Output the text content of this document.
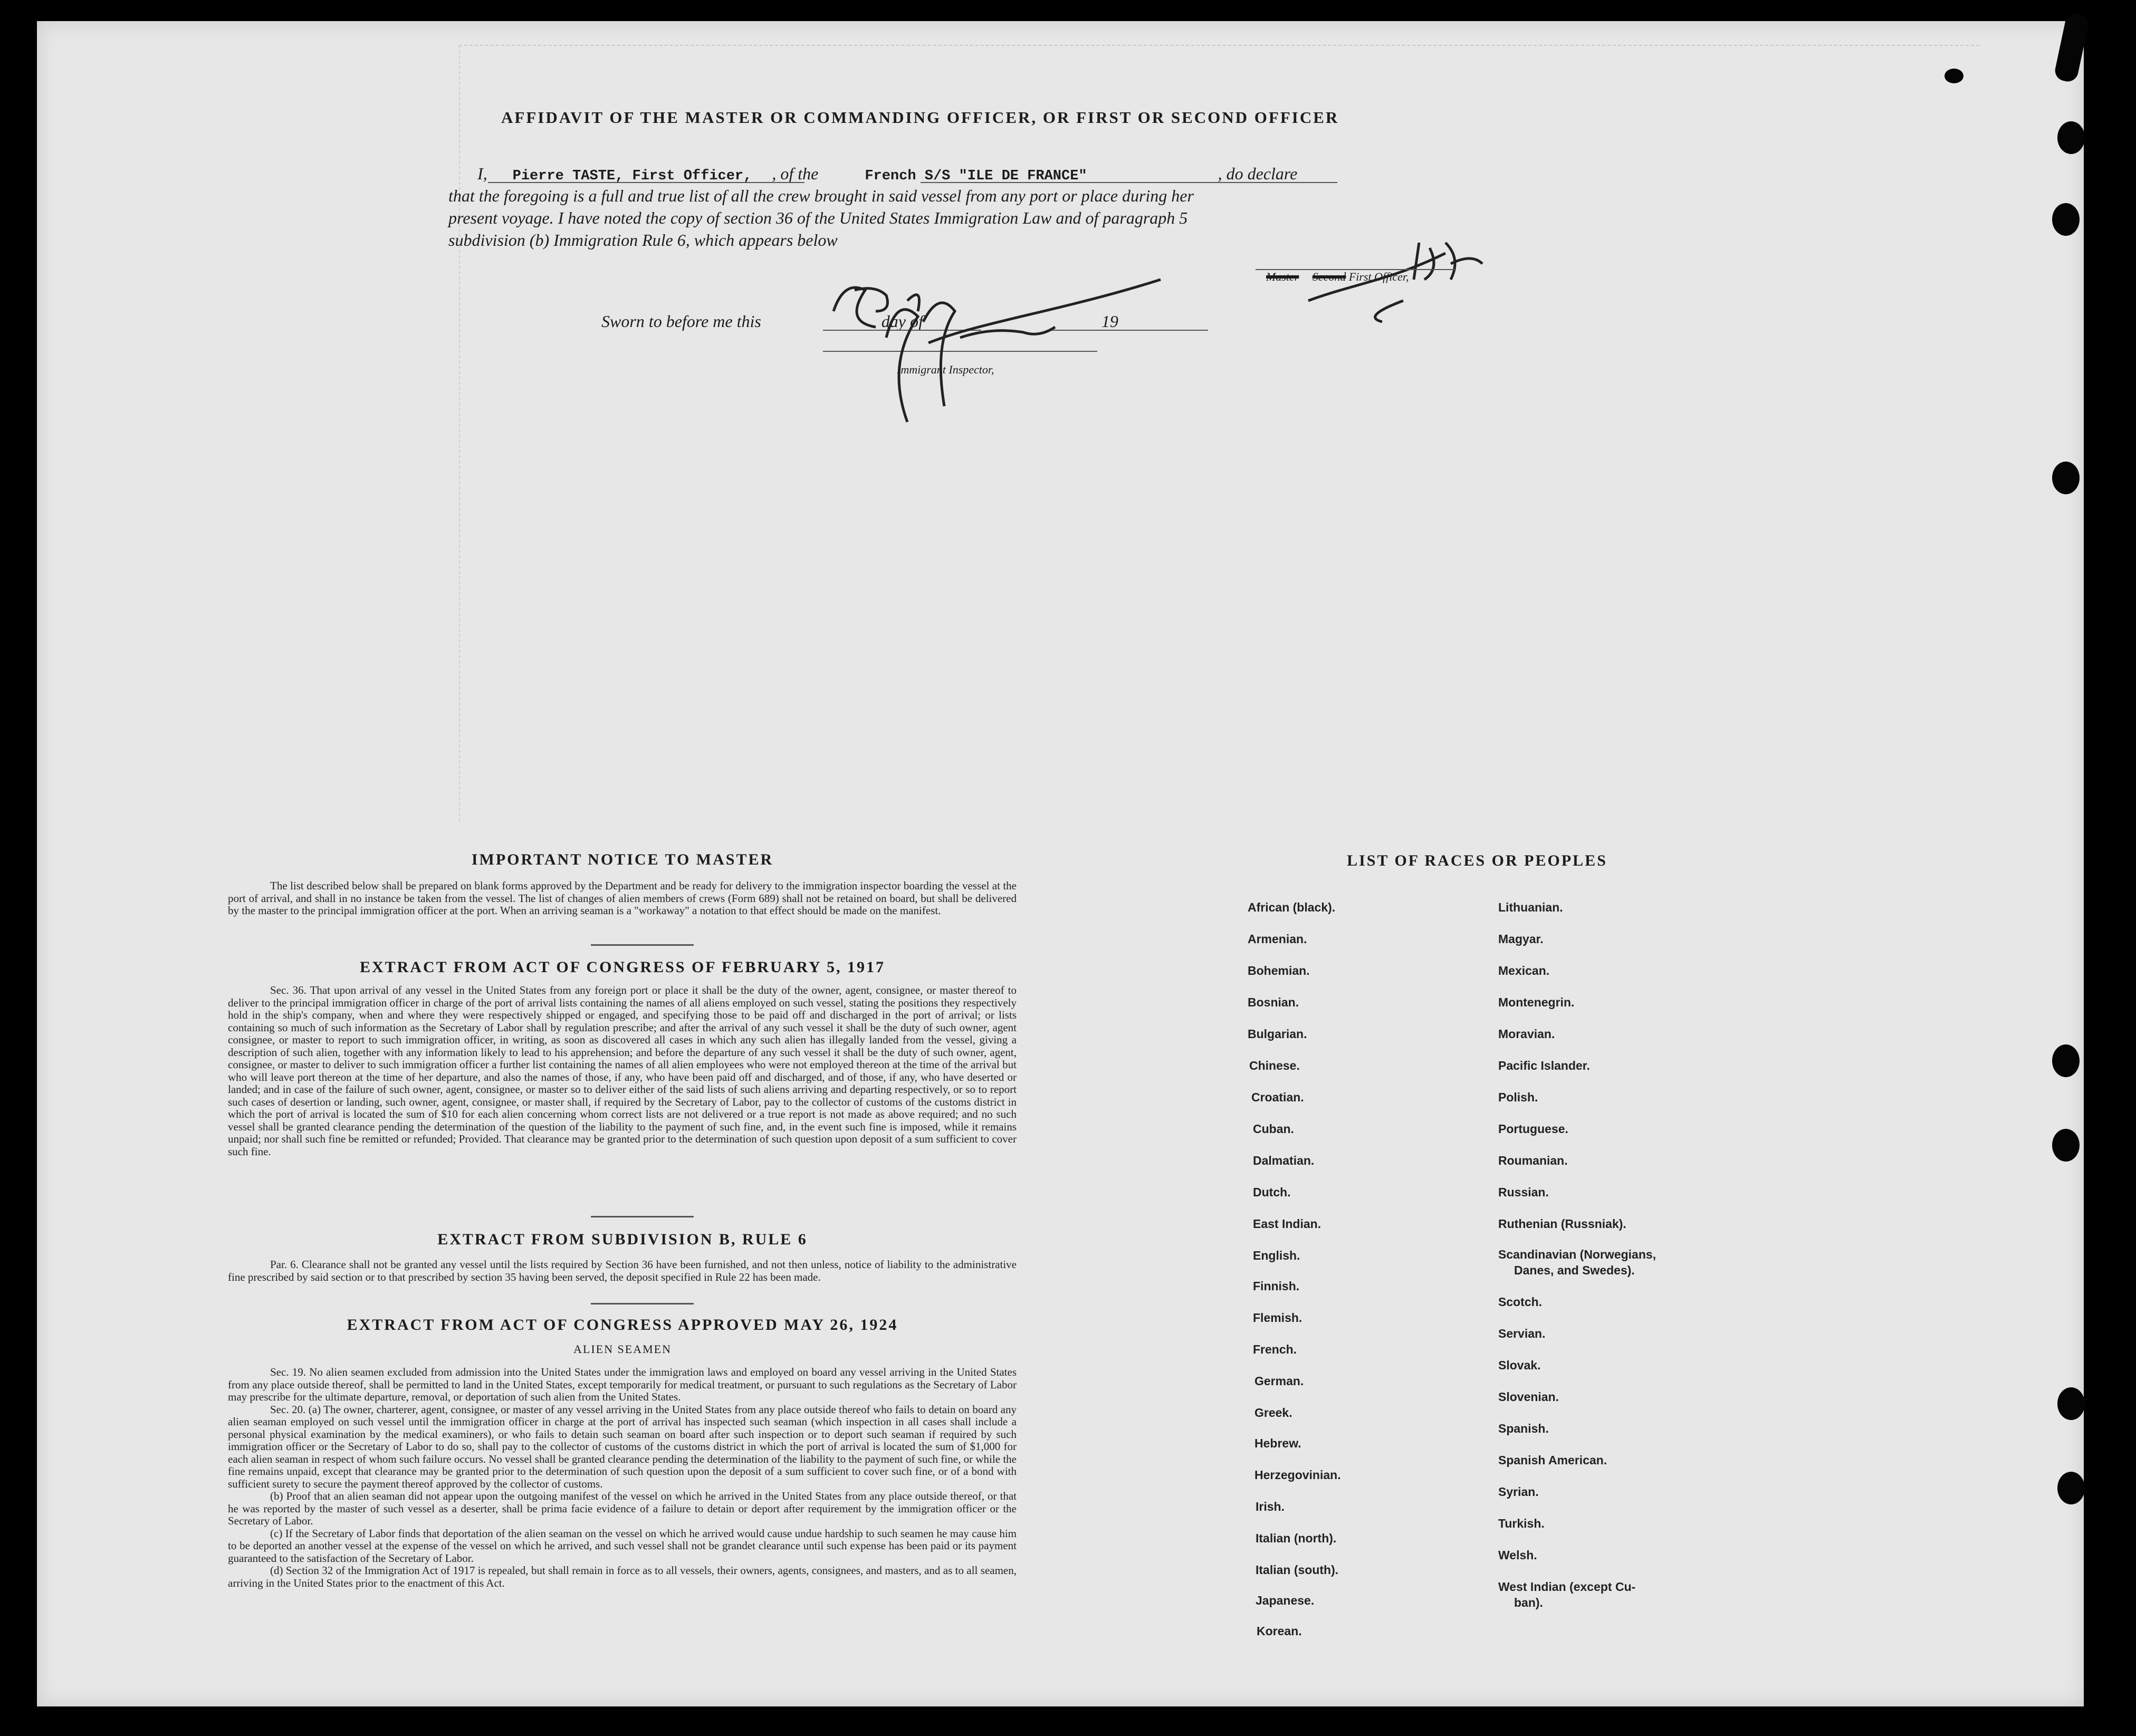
AFFIDAVIT OF THE MASTER OR COMMANDING OFFICER, OR FIRST OR SECOND OFFICER
I, Pierre TASTE, First Officer, , of the	French S/S "ILE DE FRANCE"	, do declare
that the foregoing is a full and true list of all the crew brought in said vessel from any port or place during her
present voyage. I have noted the copy of section 36 of the United States Immigration Law and of paragraph 5
subdivision (b) Immigration Rule 6, which appears below
Master Second First Officer,
Sworn to before me this	day of	19
Immigrant Inspector,
IMPORTANT NOTICE TO MASTER
The list described below shall be prepared on blank forms approved by the Department and be ready for delivery to the immigration inspector boarding the vessel at the port of arrival, and shall in no instance be taken from the vessel. The list of changes of alien members of crews (Form 689) shall not be retained on board, but shall be delivered by the master to the principal immigration officer at the port. When an arriving seaman is a "workaway" a notation to that effect should be made on the manifest.
EXTRACT FROM ACT OF CONGRESS OF FEBRUARY 5, 1917
Sec. 36. That upon arrival of any vessel in the United States from any foreign port or place it shall be the duty of the owner, agent, consignee, or master thereof to deliver to the principal immigration officer in charge of the port of arrival lists containing the names of all aliens employed on such vessel, stating the positions they respectively hold in the ship's company, when and where they were respectively shipped or engaged, and specifying those to be paid off and discharged in the port of arrival; or lists containing so much of such information as the Secretary of Labor shall by regulation prescribe; and after the arrival of any such vessel it shall be the duty of such owner, agent consignee, or master to report to such immigration officer, in writing, as soon as discovered all cases in which any such alien has illegally landed from the vessel, giving a description of such alien, together with any information likely to lead to his apprehension; and before the departure of any such vessel it shall be the duty of such owner, agent, consignee, or master to deliver to such immigration officer a further list containing the names of all alien employees who were not employed thereon at the time of the arrival but who will leave port thereon at the time of her departure, and also the names of those, if any, who have been paid off and discharged, and of those, if any, who have deserted or landed; and in case of the failure of such owner, agent, consignee, or master so to deliver either of the said lists of such aliens arriving and departing respectively, or so to report such cases of desertion or landing, such owner, agent, consignee, or master shall, if required by the Secretary of Labor, pay to the collector of customs of the customs district in which the port of arrival is located the sum of $10 for each alien concerning whom correct lists are not delivered or a true report is not made as above required; and no such vessel shall be granted clearance pending the determination of the question of the liability to the payment of such fine, and, in the event such fine is imposed, while it remains unpaid; nor shall such fine be remitted or refunded; Provided. That clearance may be granted prior to the determination of such question upon deposit of a sum sufficient to cover such fine.
EXTRACT FROM SUBDIVISION B, RULE 6
Par. 6. Clearance shall not be granted any vessel until the lists required by Section 36 have been furnished, and not then unless, notice of liability to the administrative fine prescribed by said section or to that prescribed by section 35 having been served, the deposit specified in Rule 22 has been made.
EXTRACT FROM ACT OF CONGRESS APPROVED MAY 26, 1924
ALIEN SEAMEN
Sec. 19. No alien seamen excluded from admission into the United States under the immigration laws and employed on board any vessel arriving in the United States from any place outside thereof, shall be permitted to land in the United States, except temporarily for medical treatment, or pursuant to such regulations as the Secretary of Labor may prescribe for the ultimate departure, removal, or deportation of such alien from the United States.
Sec. 20. (a) The owner, charterer, agent, consignee, or master of any vessel arriving in the United States from any place outside thereof who fails to detain on board any alien seaman employed on such vessel until the immigration officer in charge at the port of arrival has inspected such seaman (which inspection in all cases shall include a personal physical examination by the medical examiners), or who fails to detain such seaman on board after such inspection or to deport such seaman if required by such immigration officer or the Secretary of Labor to do so, shall pay to the collector of customs of the customs district in which the port of arrival is located the sum of $1,000 for each alien seaman in respect of whom such failure occurs. No vessel shall be granted clearance pending the determination of the liability to the payment of such fine, or while the fine remains unpaid, except that clearance may be granted prior to the determination of such question upon the deposit of a sum sufficient to cover such fine, or of a bond with sufficient surety to secure the payment thereof approved by the collector of customs.
(b) Proof that an alien seaman did not appear upon the outgoing manifest of the vessel on which he arrived in the United States from any place outside thereof, or that he was reported by the master of such vessel as a deserter, shall be prima facie evidence of a failure to detain or deport after requirement by the immigration officer or the Secretary of Labor.
(c) If the Secretary of Labor finds that deportation of the alien seaman on the vessel on which he arrived would cause undue hardship to such seamen he may cause him to be deported an another vessel at the expense of the vessel on which he arrived, and such vessel shall not be grandet clearance until such expense has been paid or its payment guaranteed to the satisfaction of the Secretary of Labor.
(d) Section 32 of the Immigration Act of 1917 is repealed, but shall remain in force as to all vessels, their owners, agents, consignees, and masters, and as to all seamen, arriving in the United States prior to the enactment of this Act.
LIST OF RACES OR PEOPLES
African (black).
Armenian.
Bohemian.
Bosnian.
Bulgarian.
Chinese.
Croatian.
Cuban.
Dalmatian.
Dutch.
East Indian.
English.
Finnish.
Flemish.
French.
German.
Greek.
Hebrew.
Herzegovinian.
Irish.
Italian (north).
Italian (south).
Japanese.
Korean.
Lithuanian.
Magyar.
Mexican.
Montenegrin.
Moravian.
Pacific Islander.
Polish.
Portuguese.
Roumanian.
Russian.
Ruthenian (Russniak).
Scandinavian (Norwegians,
Danes, and Swedes).
Scotch.
Servian.
Slovak.
Slovenian.
Spanish.
Spanish American.
Syrian.
Turkish.
Welsh.
West Indian (except Cu-
ban).
